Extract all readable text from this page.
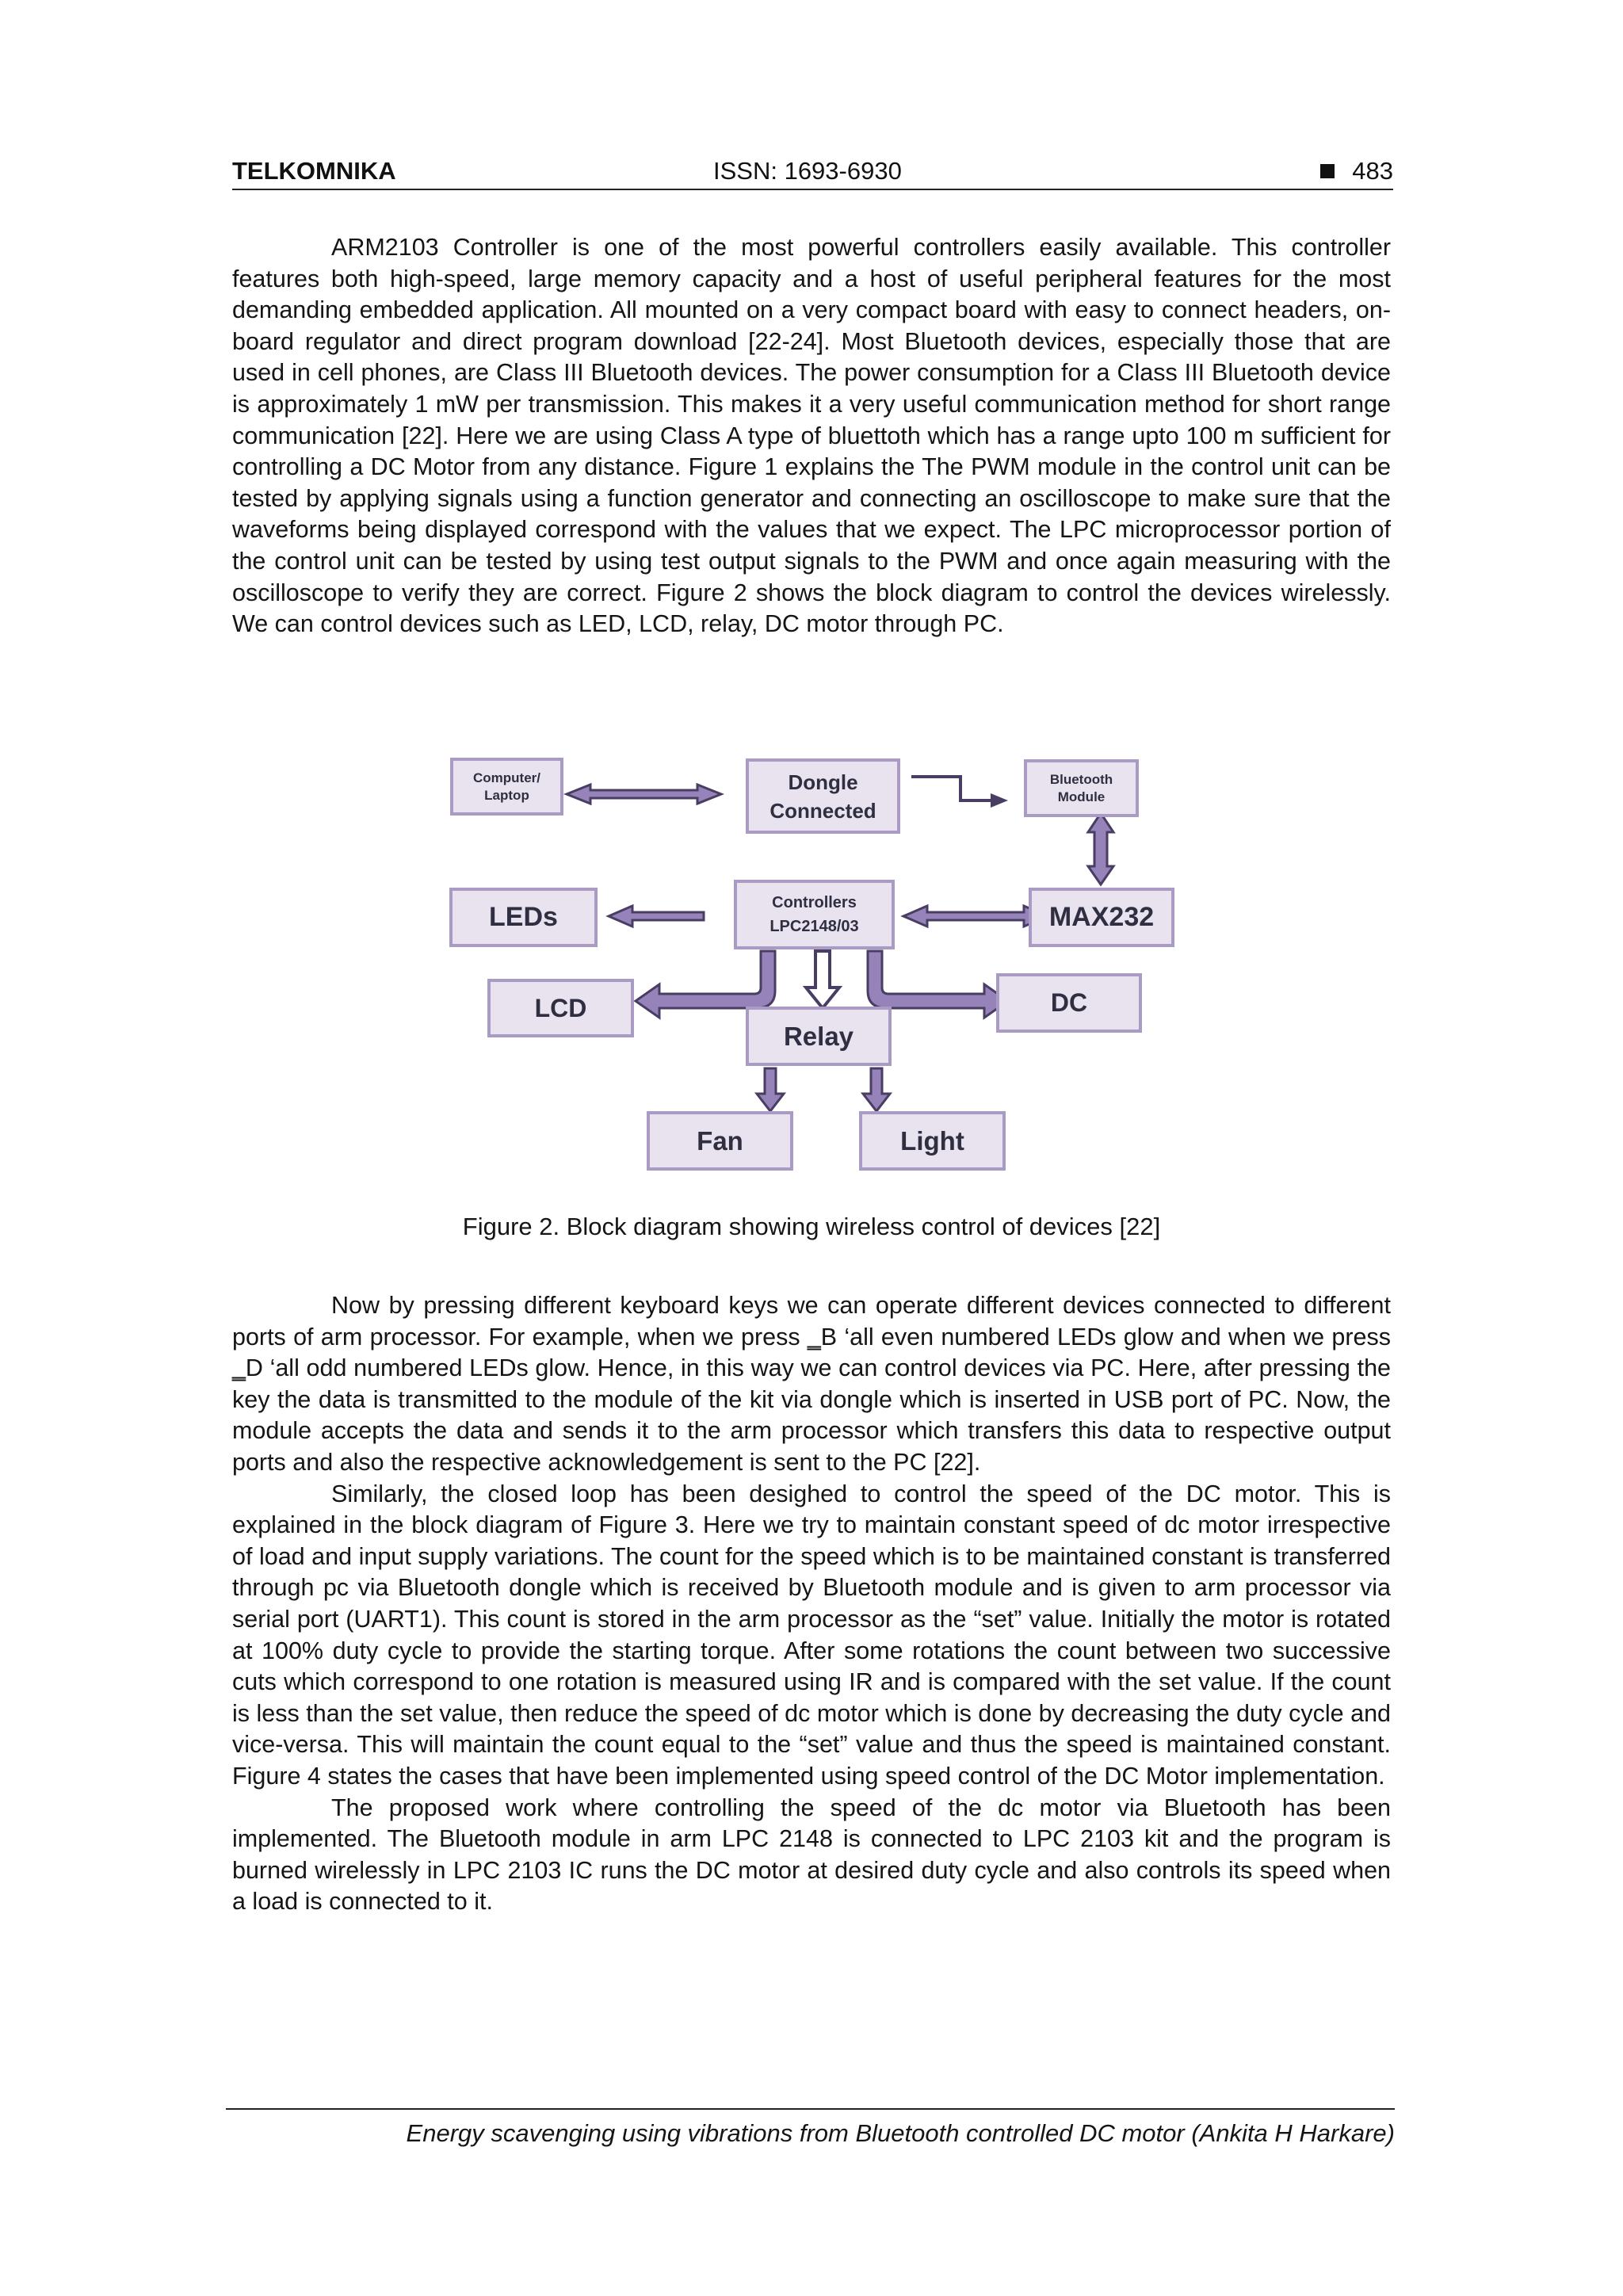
TELKOMNIKA	ISSN: 1693-6930	483

ARM2103 Controller is one of the most powerful controllers easily available. This controller features both high-speed, large memory capacity and a host of useful peripheral features for the most demanding embedded application. All mounted on a very compact board with easy to connect headers, on-board regulator and direct program download [22-24]. Most Bluetooth devices, especially those that are used in cell phones, are Class III Bluetooth devices. The power consumption for a Class III Bluetooth device is approximately 1 mW per transmission. This makes it a very useful communication method for short range communication [22]. Here we are using Class A type of bluettoth which has a range upto 100 m sufficient for controlling a DC Motor from any distance. Figure 1 explains the The PWM module in the control unit can be tested by applying signals using a function generator and connecting an oscilloscope to make sure that the waveforms being displayed correspond with the values that we expect. The LPC microprocessor portion of the control unit can be tested by using test output signals to the PWM and once again measuring with the oscilloscope to verify they are correct. Figure 2 shows the block diagram to control the devices wirelessly. We can control devices such as LED, LCD, relay, DC motor through PC.

Computer/ Laptop
Dongle Connected
Bluetooth Module
LEDs	Controllers LPC2148/03	MAX232
LCD	DC
Relay
Fan	Light
Figure 2. Block diagram showing wireless control of devices [22]

Now by pressing different keyboard keys we can operate different devices connected to different ports of arm processor. For example, when we press ‗B ‘all even numbered LEDs glow and when we press ‗D ‘all odd numbered LEDs glow. Hence, in this way we can control devices via PC. Here, after pressing the key the data is transmitted to the module of the kit via dongle which is inserted in USB port of PC. Now, the module accepts the data and sends it to the arm processor which transfers this data to respective output ports and also the respective acknowledgement is sent to the PC [22].

Similarly, the closed loop has been desighed to control the speed of the DC motor. This is explained in the block diagram of Figure 3. Here we try to maintain constant speed of dc motor irrespective of load and input supply variations. The count for the speed which is to be maintained constant is transferred through pc via Bluetooth dongle which is received by Bluetooth module and is given to arm processor via serial port (UART1). This count is stored in the arm processor as the “set” value. Initially the motor is rotated at 100% duty cycle to provide the starting torque. After some rotations the count between two successive cuts which correspond to one rotation is measured using IR and is compared with the set value. If the count is less than the set value, then reduce the speed of dc motor which is done by decreasing the duty cycle and vice-versa. This will maintain the count equal to the “set” value and thus the speed is maintained constant. Figure 4 states the cases that have been implemented using speed control of the DC Motor implementation.

The proposed work where controlling the speed of the dc motor via Bluetooth has been implemented. The Bluetooth module in arm LPC 2148 is connected to LPC 2103 kit and the program is burned wirelessly in LPC 2103 IC runs the DC motor at desired duty cycle and also controls its speed when a load is connected to it.

Energy scavenging using vibrations from Bluetooth controlled DC motor (Ankita H Harkare)
